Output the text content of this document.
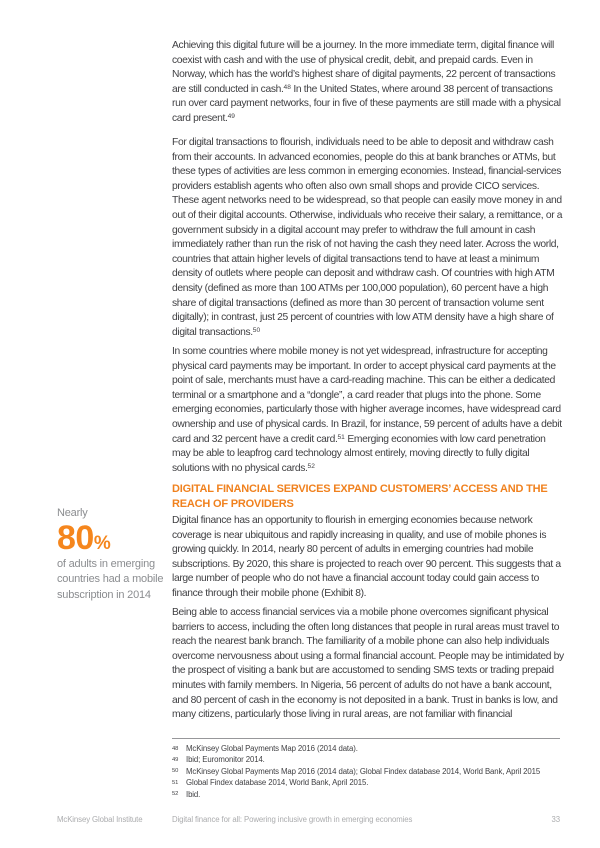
Nearly
80%
of adults in emerging countries had a mobile subscription in 2014

Achieving this digital future will be a journey. In the more immediate term, digital finance will coexist with cash and with the use of physical credit, debit, and prepaid cards. Even in Norway, which has the world’s highest share of digital payments, 22 percent of transactions are still conducted in cash.$^{48}$ In the United States, where around 38 percent of transactions run over card payment networks, four in five of these payments are still made with a physical card present.$^{49}$

For digital transactions to flourish, individuals need to be able to deposit and withdraw cash from their accounts. In advanced economies, people do this at bank branches or ATMs, but these types of activities are less common in emerging economies. Instead, financial-services providers establish agents who often also own small shops and provide CICO services. These agent networks need to be widespread, so that people can easily move money in and out of their digital accounts. Otherwise, individuals who receive their salary, a remittance, or a government subsidy in a digital account may prefer to withdraw the full amount in cash immediately rather than run the risk of not having the cash they need later. Across the world, countries that attain higher levels of digital transactions tend to have at least a minimum density of outlets where people can deposit and withdraw cash. Of countries with high ATM density (defined as more than 100 ATMs per 100,000 population), 60 percent have a high share of digital transactions (defined as more than 30 percent of transaction volume sent digitally); in contrast, just 25 percent of countries with low ATM density have a high share of digital transactions.$^{50}$

In some countries where mobile money is not yet widespread, infrastructure for accepting physical card payments may be important. In order to accept physical card payments at the point of sale, merchants must have a card-reading machine. This can be either a dedicated terminal or a smartphone and a “dongle”, a card reader that plugs into the phone. Some emerging economies, particularly those with higher average incomes, have widespread card ownership and use of physical cards. In Brazil, for instance, 59 percent of adults have a debit card and 32 percent have a credit card.$^{51}$ Emerging economies with low card penetration may be able to leapfrog card technology almost entirely, moving directly to fully digital solutions with no physical cards.$^{52}$

DIGITAL FINANCIAL SERVICES EXPAND CUSTOMERS’ ACCESS AND THE REACH OF PROVIDERS

Digital finance has an opportunity to flourish in emerging economies because network coverage is near ubiquitous and rapidly increasing in quality, and use of mobile phones is growing quickly. In 2014, nearly 80 percent of adults in emerging countries had mobile subscriptions. By 2020, this share is projected to reach over 90 percent. This suggests that a large number of people who do not have a financial account today could gain access to finance through their mobile phone (Exhibit 8).

Being able to access financial services via a mobile phone overcomes significant physical barriers to access, including the often long distances that people in rural areas must travel to reach the nearest bank branch. The familiarity of a mobile phone can also help individuals overcome nervousness about using a formal financial account. People may be intimidated by the prospect of visiting a bank but are accustomed to sending SMS texts or trading prepaid minutes with family members. In Nigeria, 56 percent of adults do not have a bank account, and 80 percent of cash in the economy is not deposited in a bank. Trust in banks is low, and many citizens, particularly those living in rural areas, are not familiar with financial

48 McKinsey Global Payments Map 2016 (2014 data).
49 Ibid; Euromonitor 2014.
50 McKinsey Global Payments Map 2016 (2014 data); Global Findex database 2014, World Bank, April 2015
51 Global Findex database 2014, World Bank, April 2015.
52 Ibid.
McKinsey Global Institute	Digital finance for all: Powering inclusive growth in emerging economies	33
